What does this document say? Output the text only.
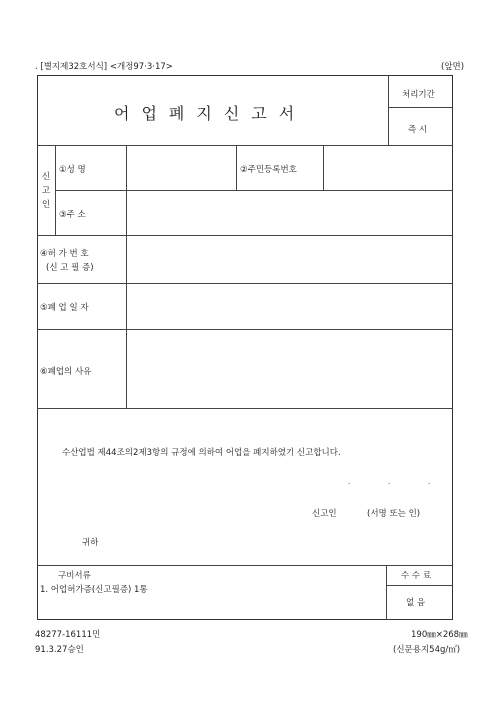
. [별지제32호서식] <개정97·3·17>	(앞면)
어업폐지신고서
처리기간
즉 시
신
고
인
①성 명	②주민등록번호
③주 소
④허 가 번 호
(신 고 필 증)
⑤폐 업 일 자
⑥폐업의 사유
수산업법 제44조의2제3항의 규정에 의하여 어업을 폐지하였기 신고합니다.
.	.	.
신고인	(서명 또는 인)
귀하
구비서류
1. 어업허가증(신고필증) 1통
수 수 료
없 음
48277-16111민
91.3.27승인
190㎜×268㎜
(신문용지54g/㎡)
